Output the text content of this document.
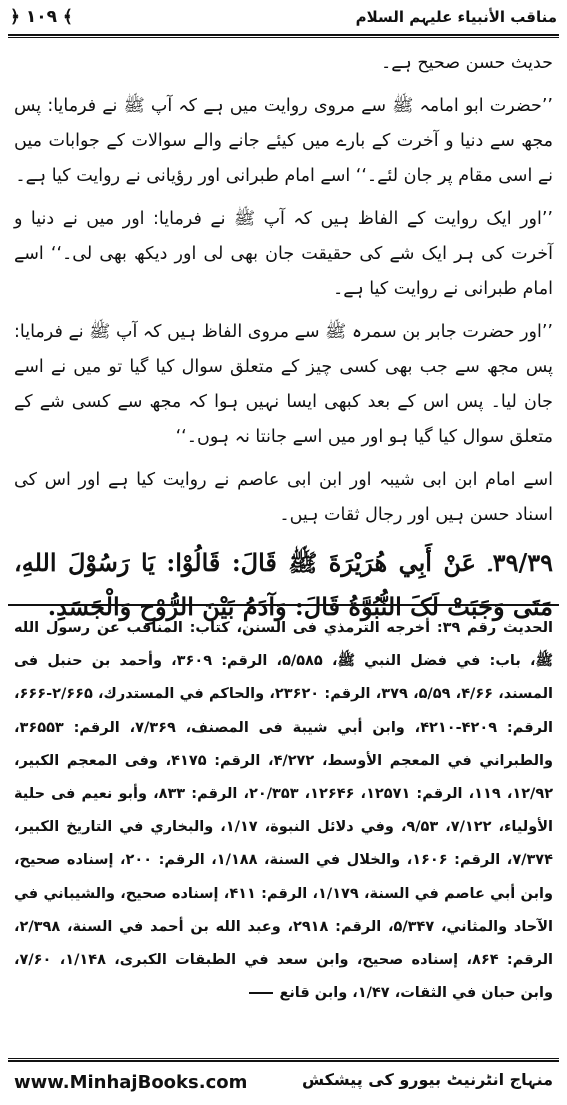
مناقب الأنبیاء علیہم السلام
﴿ ۱۰۹ ﴾

حدیث حسن صحیح ہے۔

’’حضرت ابو امامہ ﷺ سے مروی روایت میں ہے کہ آپ ﷺ نے فرمایا: پس مجھ سے دنیا و آخرت کے بارے میں کیئے جانے والے سوالات کے جوابات میں نے اسی مقام پر جان لئے۔‘‘ اسے امام طبرانی اور رؤیانی نے روایت کیا ہے۔

’’اور ایک روایت کے الفاظ ہیں کہ آپ ﷺ نے فرمایا: اور میں نے دنیا و آخرت کی ہر ایک شے کی حقیقت جان بھی لی اور دیکھ بھی لی۔‘‘ اسے امام طبرانی نے روایت کیا ہے۔

’’اور حضرت جابر بن سمرہ ﷺ سے مروی الفاظ ہیں کہ آپ ﷺ نے فرمایا: پس مجھ سے جب بھی کسی چیز کے متعلق سوال کیا گیا تو میں نے اسے جان لیا۔ پس اس کے بعد کبھی ایسا نہیں ہوا کہ مجھ سے کسی شے کے متعلق سوال کیا گیا ہو اور میں اسے جانتا نہ ہوں۔‘‘

اسے امام ابن ابی شیبہ اور ابن ابی عاصم نے روایت کیا ہے اور اس کی اسناد حسن ہیں اور رجال ثقات ہیں۔

۳۹/۳۹۔ عَنْ أَبِي هُرَيْرَةَ ﷺ قَالَ: قَالُوْا: يَا رَسُوْلَ اللهِ، مَتَی وَجَبَتْ لَکَ النُّبُوَّةُ قَالَ: وَآدَمُ بَيْنَ الرُّوْحِ وَالْجَسَدِ.

الحديث رقم ۳۹: أخرجه الترمذي فی السنن، كتاب: المناقب عن رسول الله ﷺ، باب: في فضل النبي ﷺ، ۵/۵۸۵، الرقم: ۳۶۰۹، وأحمد بن حنبل فی المسند، ۴/۶۶، ۵/۵۹، ۳۷۹، الرقم: ۲۳۶۲۰، والحاكم في المستدرك، ۲/۶۶۵-۶۶۶، الرقم: ۴۲۰۹-۴۲۱۰، وابن أبي شيبة فی المصنف، ۷/۳۶۹، الرقم: ۳۶۵۵۳، والطبراني في المعجم الأوسط، ۴/۲۷۲، الرقم: ۴۱۷۵، وفی المعجم الكبير، ۱۲/۹۲، ۱۱۹، الرقم: ۱۲۵۷۱، ۱۲۶۴۶، ۲۰/۳۵۳، الرقم: ۸۳۳، وأبو نعيم فی حلية الأولياء، ۷/۱۲۲، ۹/۵۳، وفي دلائل النبوة، ۱/۱۷، والبخاري في التاريخ الكبير، ۷/۳۷۴، الرقم: ۱۶۰۶، والخلال في السنة، ۱/۱۸۸، الرقم: ۲۰۰، إسناده صحيح، وابن أبي عاصم في السنة، ۱/۱۷۹، الرقم: ۴۱۱، إسناده صحيح، والشيباني في الآحاد والمثاني، ۵/۳۴۷، الرقم: ۲۹۱۸، وعبد الله بن أحمد في السنة، ۲/۳۹۸، الرقم: ۸۶۴، إسناده صحيح، وابن سعد في الطبقات الكبرى، ۱/۱۴۸، ۷/۶۰، وابن حبان في الثقات، ۱/۴۷، وابن قانع

www.MinhajBooks.com	منہاج انٹرنیٹ بیورو کی پیشکش
